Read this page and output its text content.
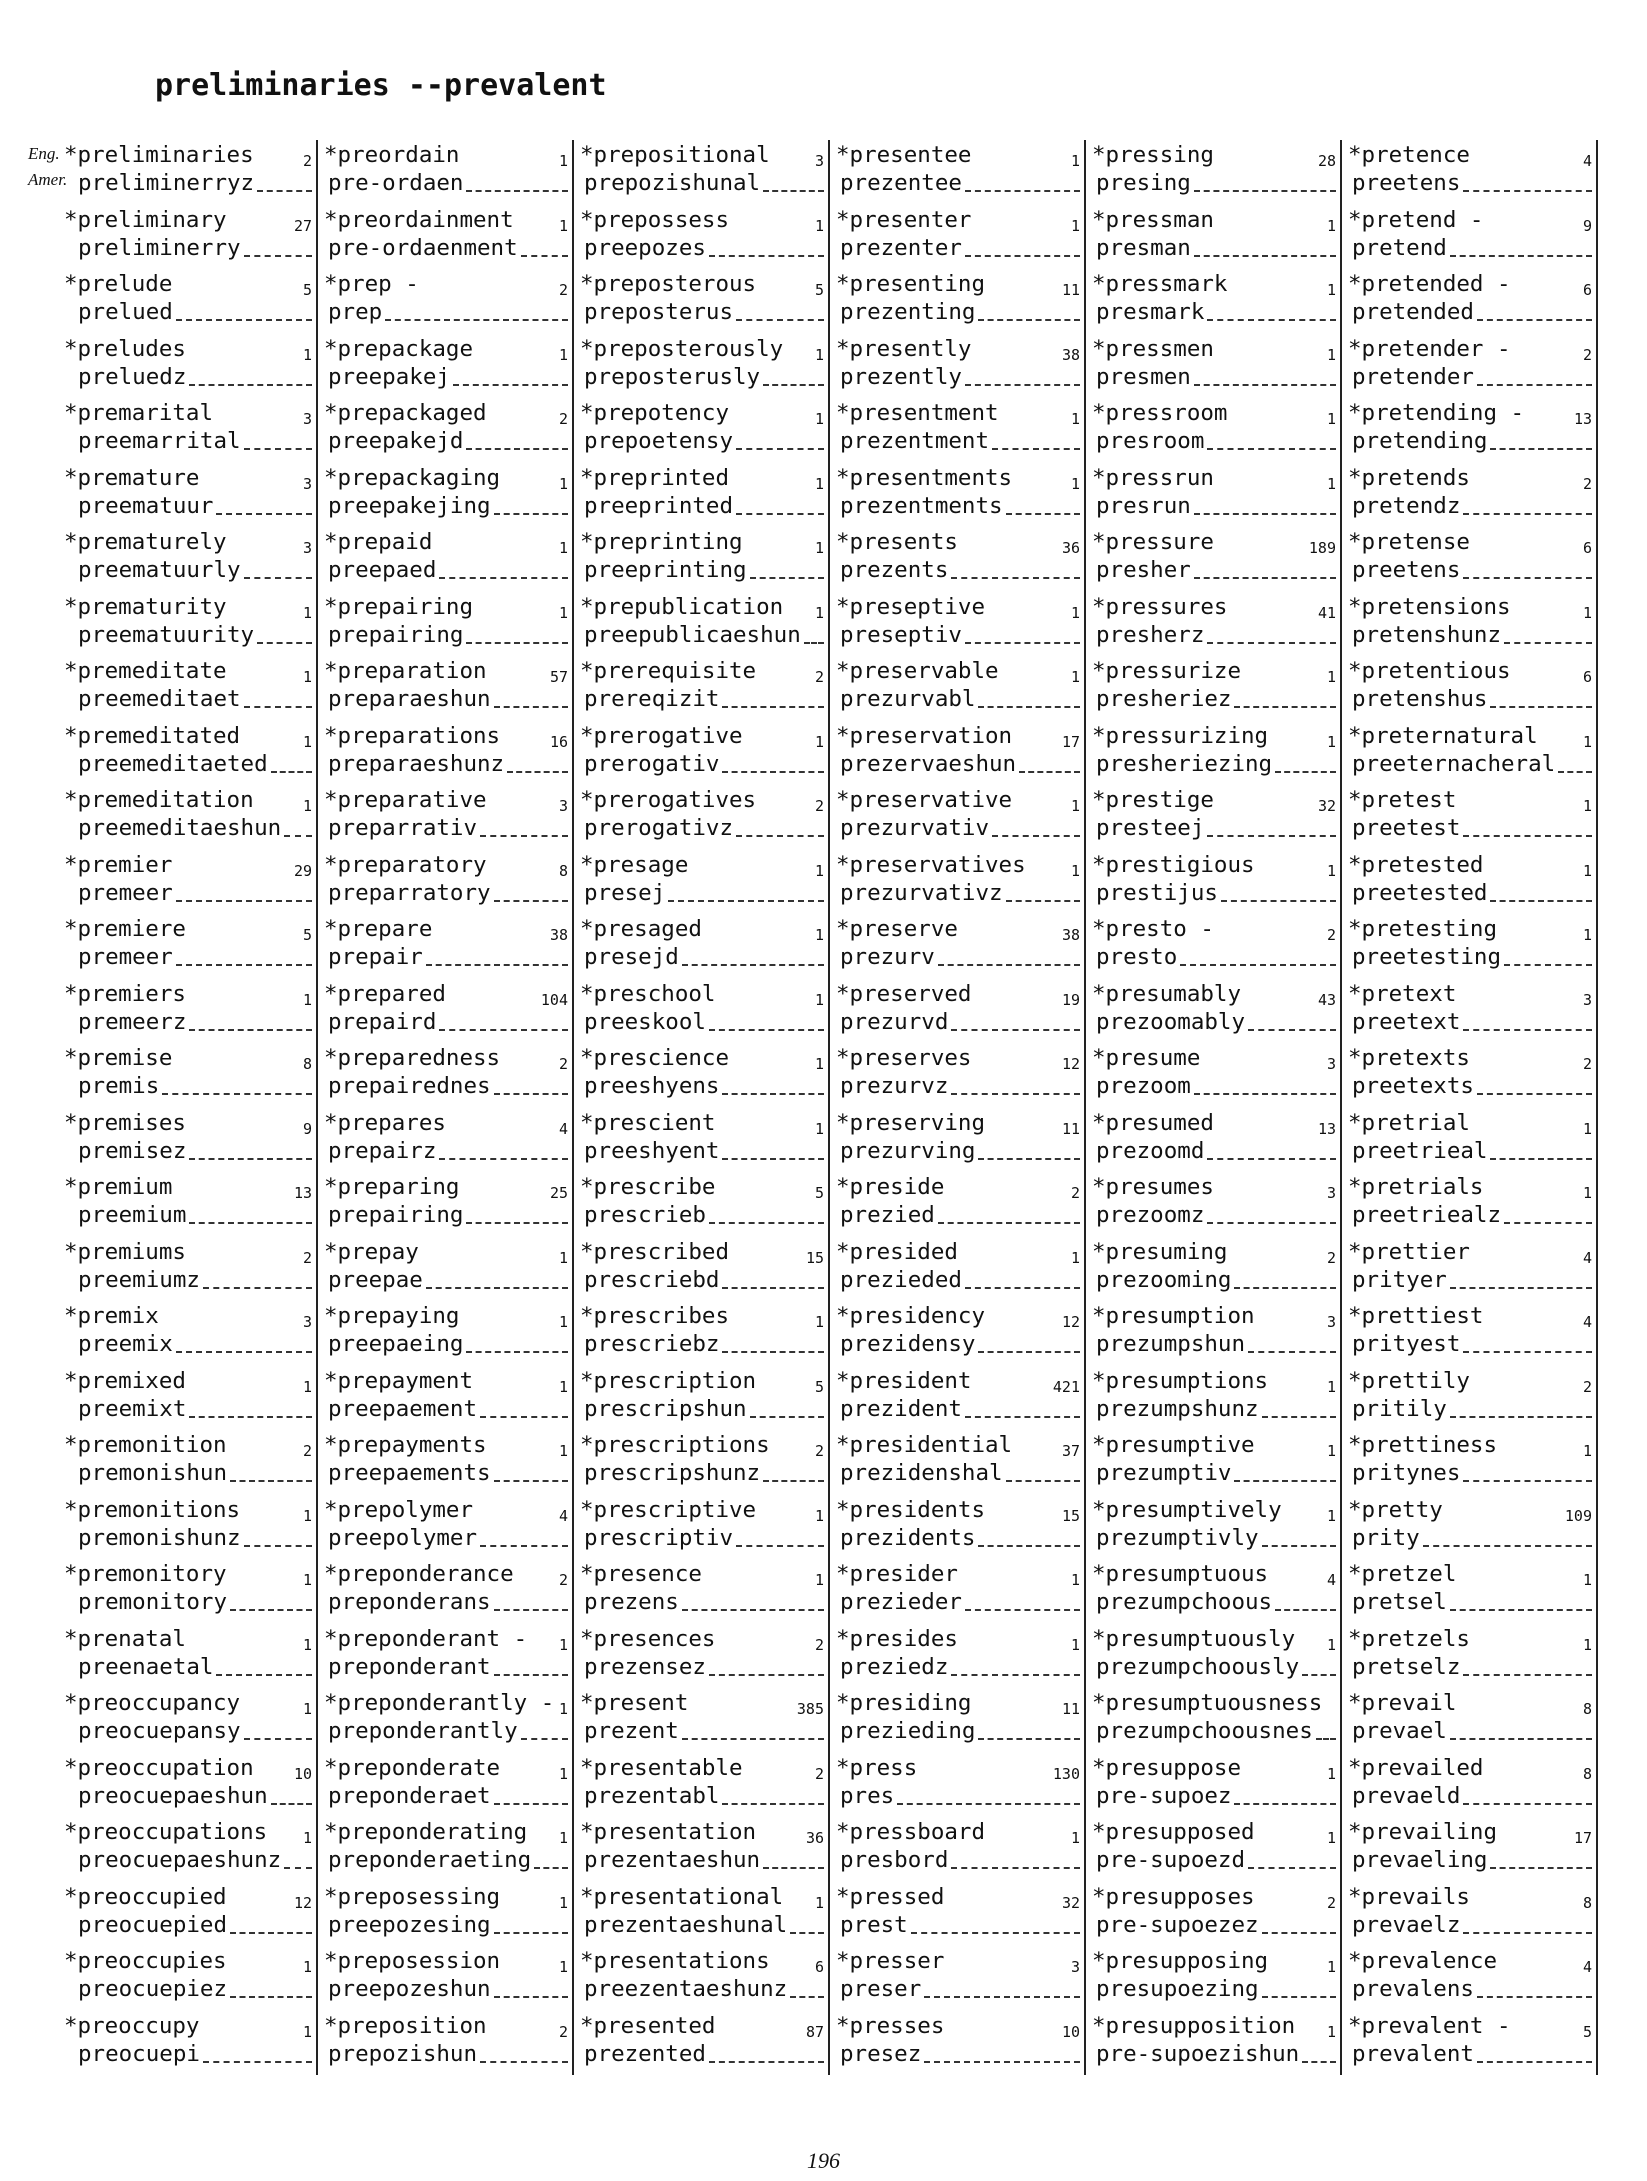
preliminaries --prevalent
Eng.
Amer.
*preliminaries	2
preliminerryz
*preliminary	27
preliminerry
*prelude	5
prelued
*preludes	1
preluedz
*premarital	3
preemarrital
*premature	3
preematuur
*prematurely	3
preematuurly
*prematurity	1
preematuurity
*premeditate	1
preemeditaet
*premeditated	1
preemeditaeted
*premeditation	1
preemeditaeshun
*premier	29
premeer
*premiere	5
premeer
*premiers	1
premeerz
*premise	8
premis
*premises	9
premisez
*premium	13
preemium
*premiums	2
preemiumz
*premix	3
preemix
*premixed	1
preemixt
*premonition	2
premonishun
*premonitions	1
premonishunz
*premonitory	1
premonitory
*prenatal	1
preenaetal
*preoccupancy	1
preocuepansy
*preoccupation	10
preocuepaeshun
*preoccupations	1
preocuepaeshunz
*preoccupied	12
preocuepied
*preoccupies	1
preocuepiez
*preoccupy	1
preocuepi
*preordain	1
pre-ordaen
*preordainment	1
pre-ordaenment
*prep -	2
prep
*prepackage	1
preepakej
*prepackaged	2
preepakejd
*prepackaging	1
preepakejing
*prepaid	1
preepaed
*prepairing	1
prepairing
*preparation	57
preparaeshun
*preparations	16
preparaeshunz
*preparative	3
preparrativ
*preparatory	8
preparratory
*prepare	38
prepair
*prepared	104
prepaird
*preparedness	2
prepairednes
*prepares	4
prepairz
*preparing	25
prepairing
*prepay	1
preepae
*prepaying	1
preepaeing
*prepayment	1
preepaement
*prepayments	1
preepaements
*prepolymer	4
preepolymer
*preponderance	2
preponderans
*preponderant -	1
preponderant
*preponderantly - 1
preponderantly
*preponderate	1
preponderaet
*preponderating	1
preponderaeting
*preposessing	1
preepozesing
*preposession	1
preepozeshun
*preposition	2
prepozishun
*prepositional	3
prepozishunal
*prepossess	1
preepozes
*preposterous	5
preposterus
*preposterously	1
preposterusly
*prepotency	1
prepoetensy
*preprinted	1
preeprinted
*preprinting	1
preeprinting
*prepublication	1
preepublicaeshun
*prerequisite	2
prereqizit
*prerogative	1
prerogativ
*prerogatives	2
prerogativz
*presage	1
presej
*presaged	1
presejd
*preschool	1
preeskool
*prescience	1
preeshyens
*prescient	1
preeshyent
*prescribe	5
prescrieb
*prescribed	15
prescriebd
*prescribes	1
prescriebz
*prescription	5
prescripshun
*prescriptions	2
prescripshunz
*prescriptive	1
prescriptiv
*presence	1
prezens
*presences	2
prezensez
*present	385
prezent
*presentable	2
prezentabl
*presentation	36
prezentaeshun
*presentational	1
prezentaeshunal
*presentations	6
preezentaeshunz
*presented	87
prezented
*presentee	1
prezentee
*presenter	1
prezenter
*presenting	11
prezenting
*presently	38
prezently
*presentment	1
prezentment
*presentments	1
prezentments
*presents	36
prezents
*preseptive	1
preseptiv
*preservable	1
prezurvabl
*preservation	17
prezervaeshun
*preservative	1
prezurvativ
*preservatives	1
prezurvativz
*preserve	38
prezurv
*preserved	19
prezurvd
*preserves	12
prezurvz
*preserving	11
prezurving
*preside	2
prezied
*presided	1
prezieded
*presidency	12
prezidensy
*president	421
prezident
*presidential	37
prezidenshal
*presidents	15
prezidents
*presider	1
prezieder
*presides	1
preziedz
*presiding	11
prezieding
*press	130
pres
*pressboard	1
presbord
*pressed	32
prest
*presser	3
preser
*presses	10
presez
*pressing	28
presing
*pressman	1
presman
*pressmark	1
presmark
*pressmen	1
presmen
*pressroom	1
presroom
*pressrun	1
presrun
*pressure	189
presher
*pressures	41
presherz
*pressurize	1
presheriez
*pressurizing	1
presheriezing
*prestige	32
presteej
*prestigious	1
prestijus
*presto -	2
presto
*presumably	43
prezoomably
*presume	3
prezoom
*presumed	13
prezoomd
*presumes	3
prezoomz
*presuming	2
prezooming
*presumption	3
prezumpshun
*presumptions	1
prezumpshunz
*presumptive	1
prezumptiv
*presumptively	1
prezumptivly
*presumptuous	4
prezumpchoous
*presumptuously	1
prezumpchoously
*presumptuousness
prezumpchoousnes
*presuppose	1
pre-supoez
*presupposed	1
pre-supoezd
*presupposes	2
pre-supoezez
*presupposing	1
presupoezing
*presupposition	1
pre-supoezishun
*pretence	4
preetens
*pretend -	9
pretend
*pretended -	6
pretended
*pretender -	2
pretender
*pretending -	13
pretending
*pretends	2
pretendz
*pretense	6
preetens
*pretensions	1
pretenshunz
*pretentious	6
pretenshus
*preternatural	1
preeternacheral
*pretest	1
preetest
*pretested	1
preetested
*pretesting	1
preetesting
*pretext	3
preetext
*pretexts	2
preetexts
*pretrial	1
preetrieal
*pretrials	1
preetriealz
*prettier	4
prityer
*prettiest	4
prityest
*prettily	2
pritily
*prettiness	1
pritynes
*pretty	109
prity
*pretzel	1
pretsel
*pretzels	1
pretselz
*prevail	8
prevael
*prevailed	8
prevaeld
*prevailing	17
prevaeling
*prevails	8
prevaelz
*prevalence	4
prevalens
*prevalent -	5
prevalent
196
